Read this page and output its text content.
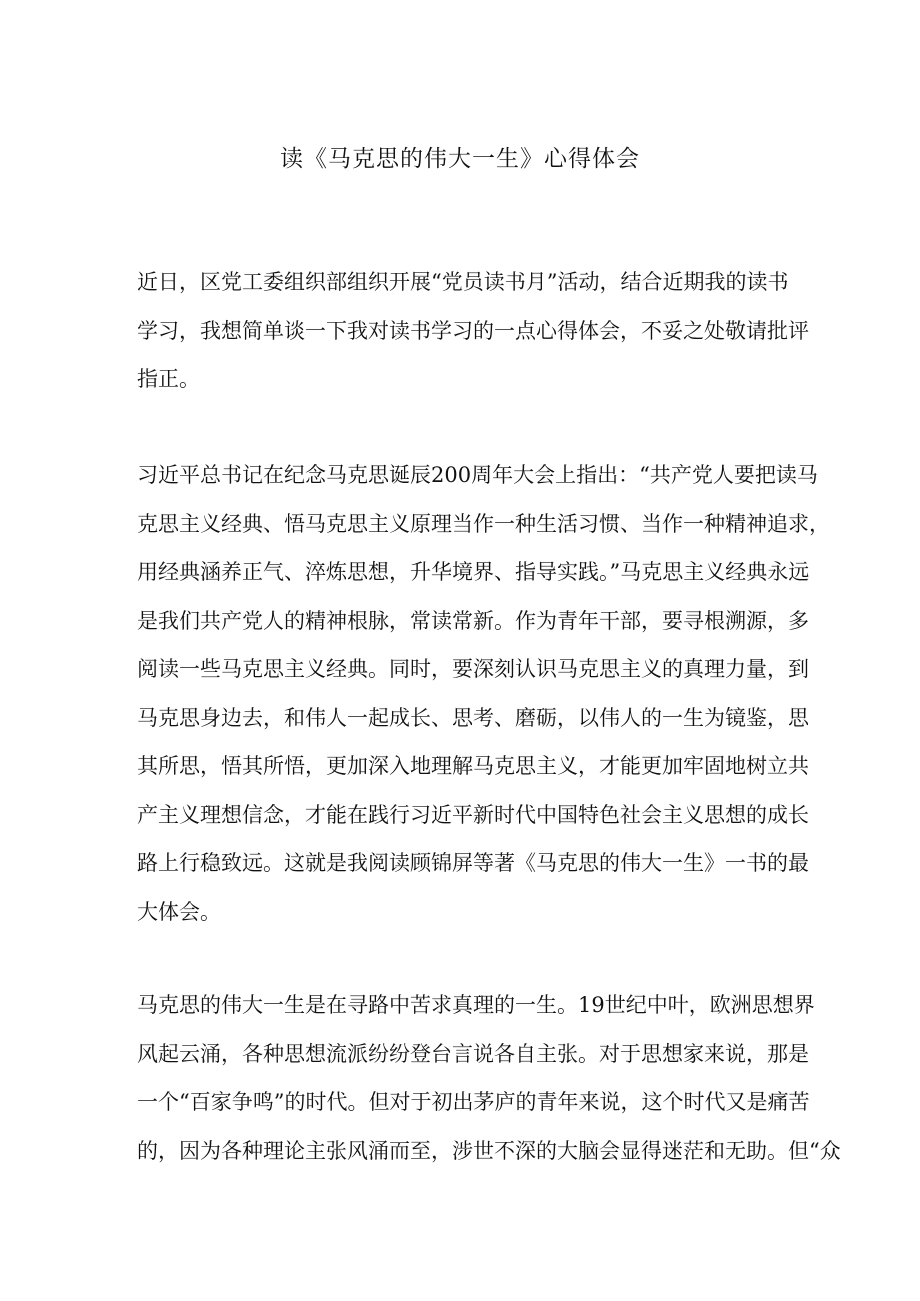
读《马克思的伟大一生》心得体会
近日，区党工委组织部组织开展“党员读书月”活动，结合近期我的读书
学习，我想简单谈一下我对读书学习的一点心得体会，不妥之处敬请批评
指正。
习近平总书记在纪念马克思诞辰200周年大会上指出：“共产党人要把读马
克思主义经典、悟马克思主义原理当作一种生活习惯、当作一种精神追求，
用经典涵养正气、淬炼思想，升华境界、指导实践。”马克思主义经典永远
是我们共产党人的精神根脉，常读常新。作为青年干部，要寻根溯源，多
阅读一些马克思主义经典。同时，要深刻认识马克思主义的真理力量，到
马克思身边去，和伟人一起成长、思考、磨砺，以伟人的一生为镜鉴，思
其所思，悟其所悟，更加深入地理解马克思主义，才能更加牢固地树立共
产主义理想信念，才能在践行习近平新时代中国特色社会主义思想的成长
路上行稳致远。这就是我阅读顾锦屏等著《马克思的伟大一生》一书的最
大体会。
马克思的伟大一生是在寻路中苦求真理的一生。19世纪中叶，欧洲思想界
风起云涌，各种思想流派纷纷登台言说各自主张。对于思想家来说，那是
一个“百家争鸣”的时代。但对于初出茅庐的青年来说，这个时代又是痛苦
的，因为各种理论主张风涌而至，涉世不深的大脑会显得迷茫和无助。但“众
